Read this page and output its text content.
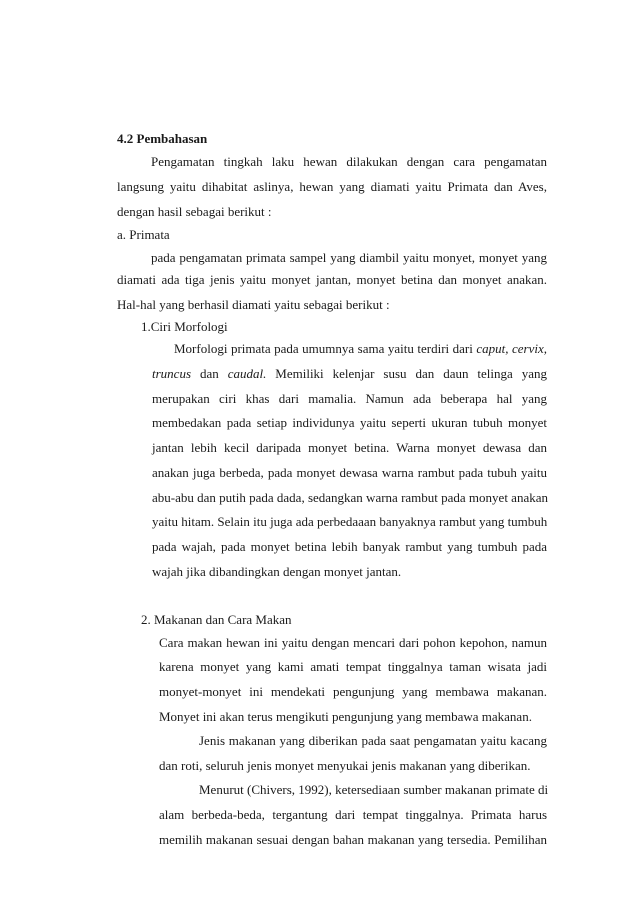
4.2 Pembahasan
Pengamatan tingkah laku hewan dilakukan dengan cara pengamatan
langsung yaitu dihabitat aslinya, hewan yang diamati yaitu Primata dan Aves,
dengan hasil sebagai berikut :
a. Primata
pada pengamatan primata sampel yang diambil yaitu monyet, monyet yang
diamati ada tiga jenis yaitu monyet jantan, monyet betina dan monyet anakan.
Hal-hal yang berhasil diamati yaitu sebagai berikut :
1.Ciri Morfologi
Morfologi primata pada umumnya sama yaitu terdiri dari caput, cervix,
truncus dan caudal. Memiliki kelenjar susu dan daun telinga yang
merupakan ciri khas dari mamalia. Namun ada beberapa hal yang
membedakan pada setiap individunya yaitu seperti ukuran tubuh monyet
jantan lebih kecil daripada monyet betina. Warna monyet dewasa dan
anakan juga berbeda, pada monyet dewasa warna rambut pada tubuh yaitu
abu-abu dan putih pada dada, sedangkan warna rambut pada monyet anakan
yaitu hitam. Selain itu juga ada perbedaaan banyaknya rambut yang tumbuh
pada wajah, pada monyet betina lebih banyak rambut yang tumbuh pada
wajah jika dibandingkan dengan monyet jantan.
2. Makanan dan Cara Makan
Cara makan hewan ini yaitu dengan mencari dari pohon kepohon, namun
karena monyet yang kami amati tempat tinggalnya taman wisata jadi
monyet-monyet ini mendekati pengunjung yang membawa makanan.
Monyet ini akan terus mengikuti pengunjung yang membawa makanan.
Jenis makanan yang diberikan pada saat pengamatan yaitu kacang
dan roti, seluruh jenis monyet menyukai jenis makanan yang diberikan.
Menurut (Chivers, 1992), ketersediaan sumber makanan primate di
alam berbeda-beda, tergantung dari tempat tinggalnya. Primata harus
memilih makanan sesuai dengan bahan makanan yang tersedia. Pemilihan
